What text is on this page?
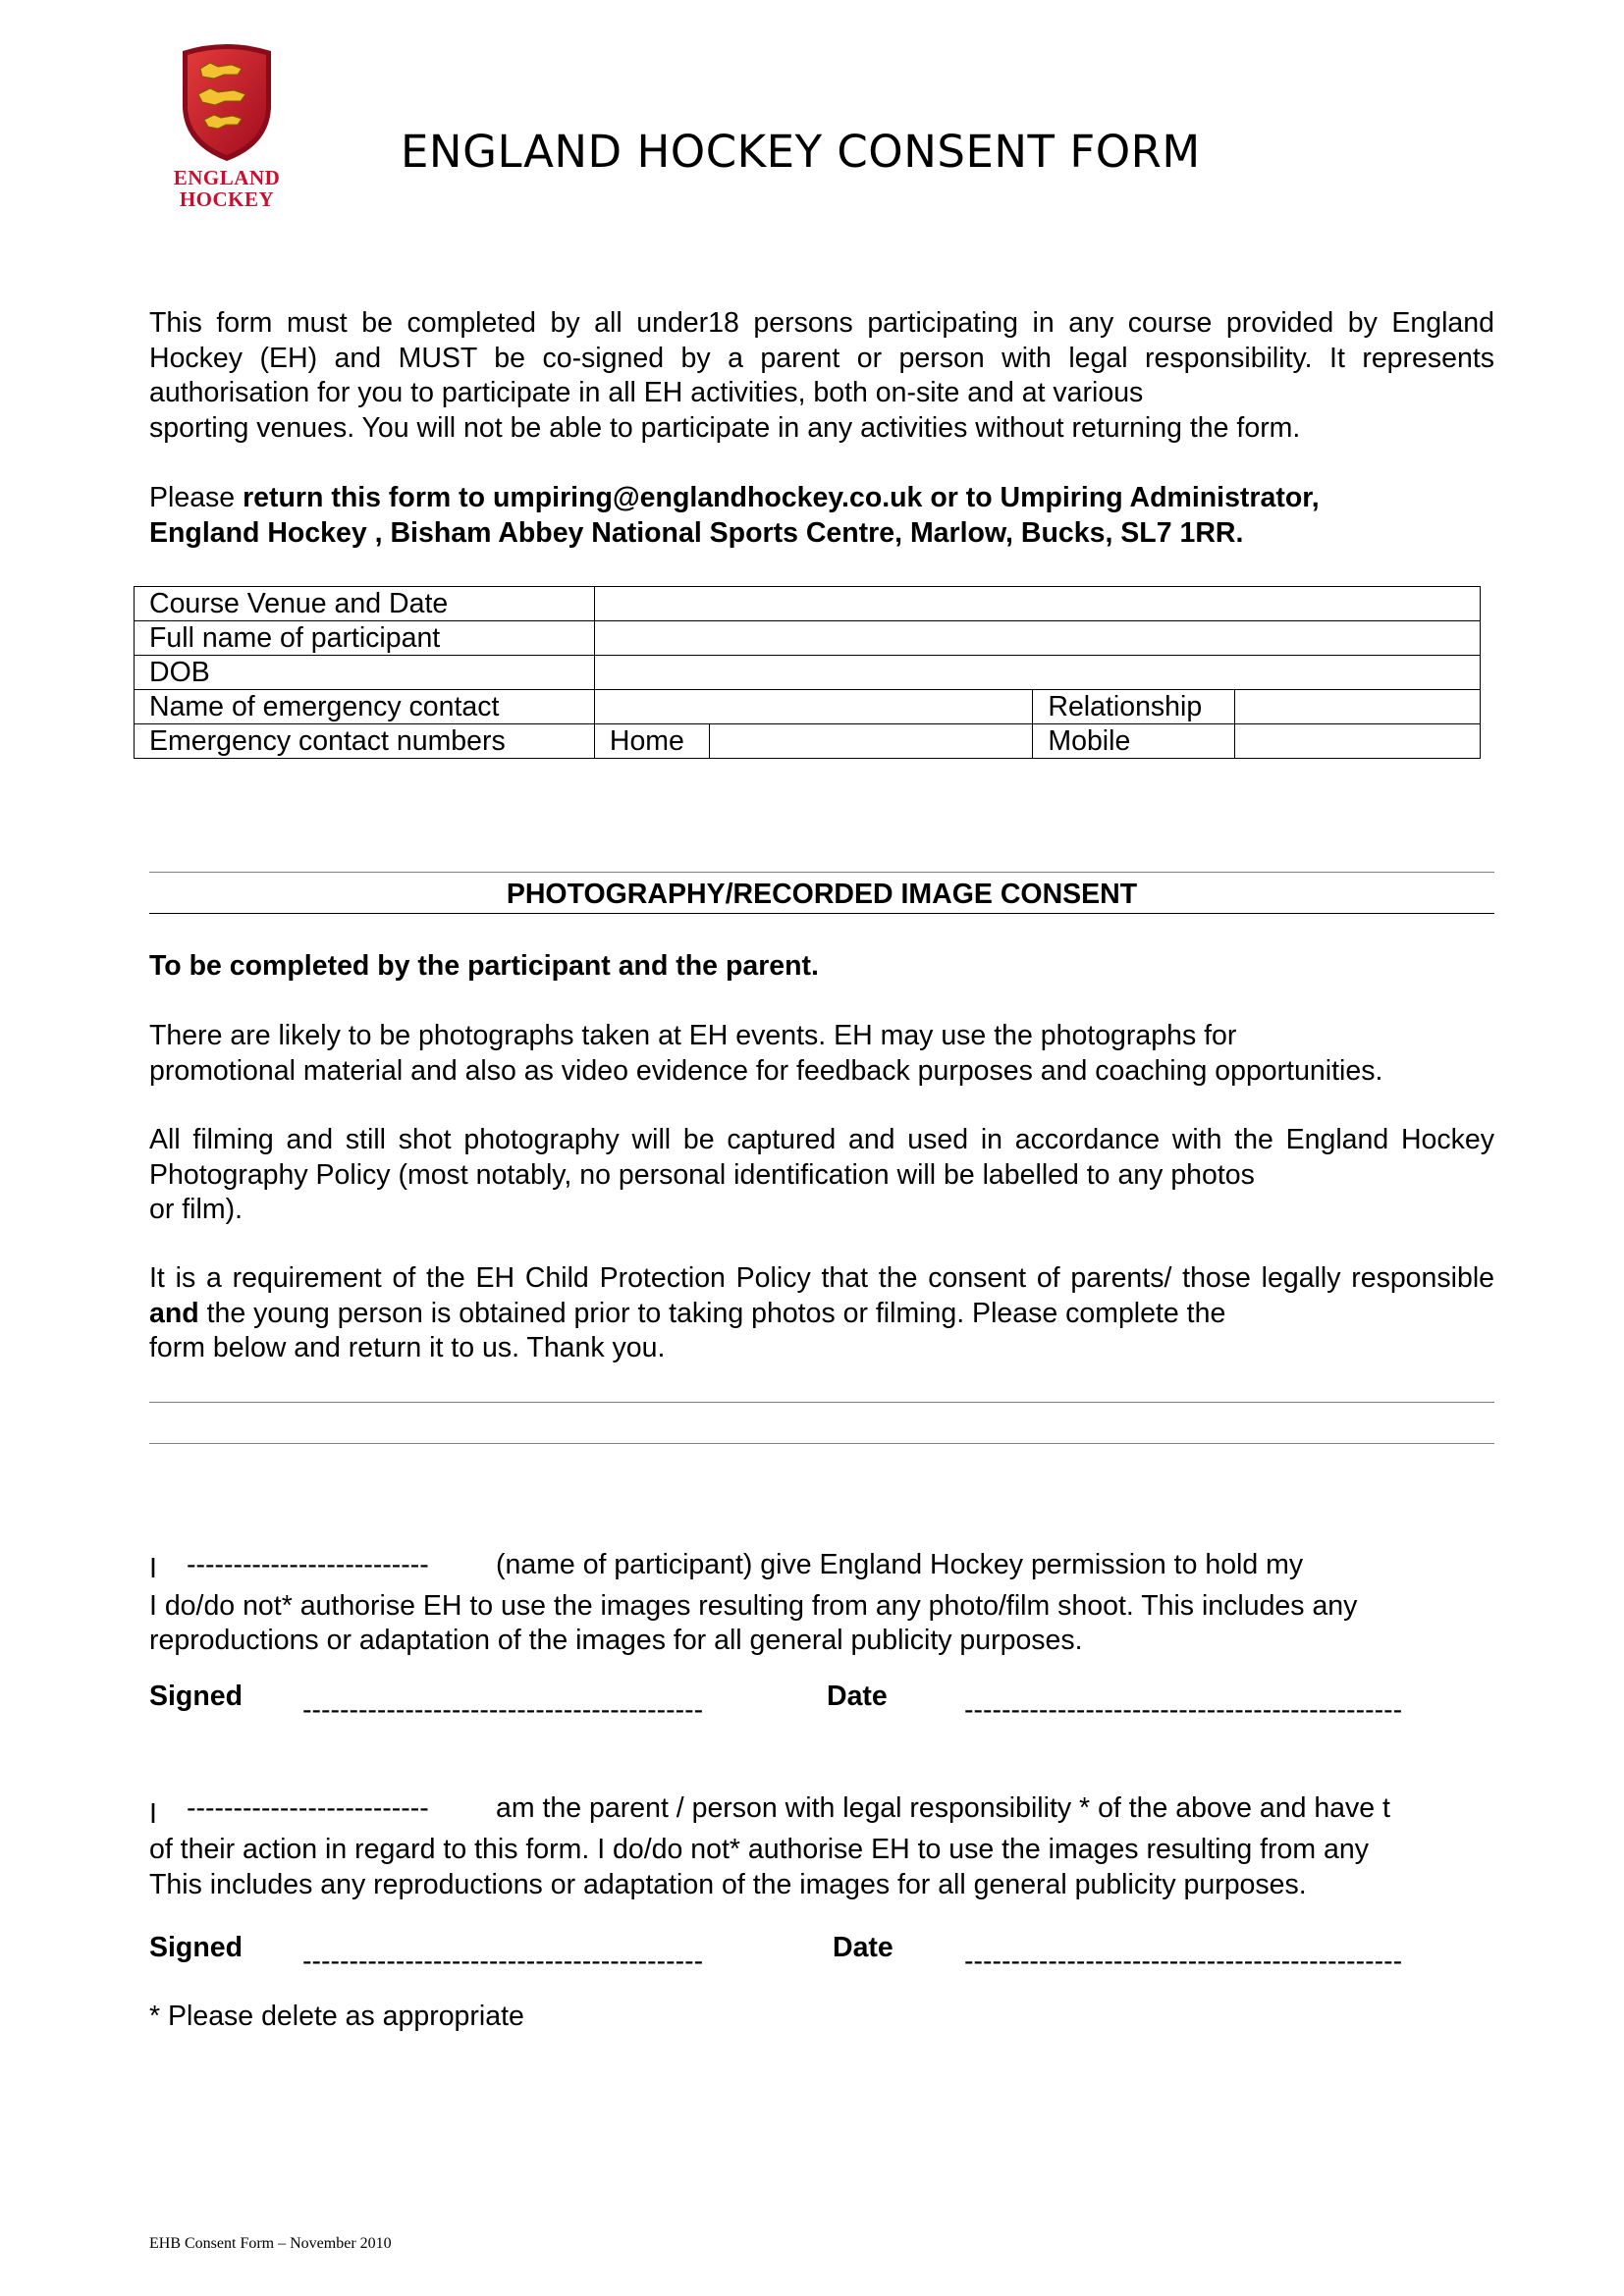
ENGLAND
HOCKEY
ENGLAND HOCKEY CONSENT FORM
This form must be completed by all under18 persons participating in any course provided by England Hockey (EH) and MUST be co-signed by a parent or person with legal responsibility. It represents authorisation for you to participate in all EH activities, both on-site and at various
sporting venues. You will not be able to participate in any activities without returning the form.
Please return this form to umpiring@englandhockey.co.uk or to Umpiring Administrator,
England Hockey , Bisham Abbey National Sports Centre, Marlow, Bucks, SL7 1RR.
Course Venue and Date				
Full name of participant				
DOB				
Name of emergency contact			Relationship	
Emergency contact numbers	Home		Mobile	
PHOTOGRAPHY/RECORDED IMAGE CONSENT
To be completed by the participant and the parent.
There are likely to be photographs taken at EH events. EH may use the photographs for
promotional material and also as video evidence for feedback purposes and coaching opportunities.
All filming and still shot photography will be captured and used in accordance with the England Hockey Photography Policy (most notably, no personal identification will be labelled to any photos
or film).
It is a requirement of the EH Child Protection Policy that the consent of parents/ those legally responsible and the young person is obtained prior to taking photos or filming. Please complete the
form below and return it to us. Thank you.
I -------------------------- (name of participant) give England Hockey permission to hold my
I do/do not* authorise EH to use the images resulting from any photo/film shoot. This includes any
reproductions or adaptation of the images for all general publicity purposes.
Signed -------------------------------------------	Date	-----------------------------------------------
I -------------------------- am the parent / person with legal responsibility * of the above and have t
of their action in regard to this form. I do/do not* authorise EH to use the images resulting from any
This includes any reproductions or adaptation of the images for all general publicity purposes.
Signed -------------------------------------------	Date	-----------------------------------------------
* Please delete as appropriate
EHB Consent Form – November 2010
